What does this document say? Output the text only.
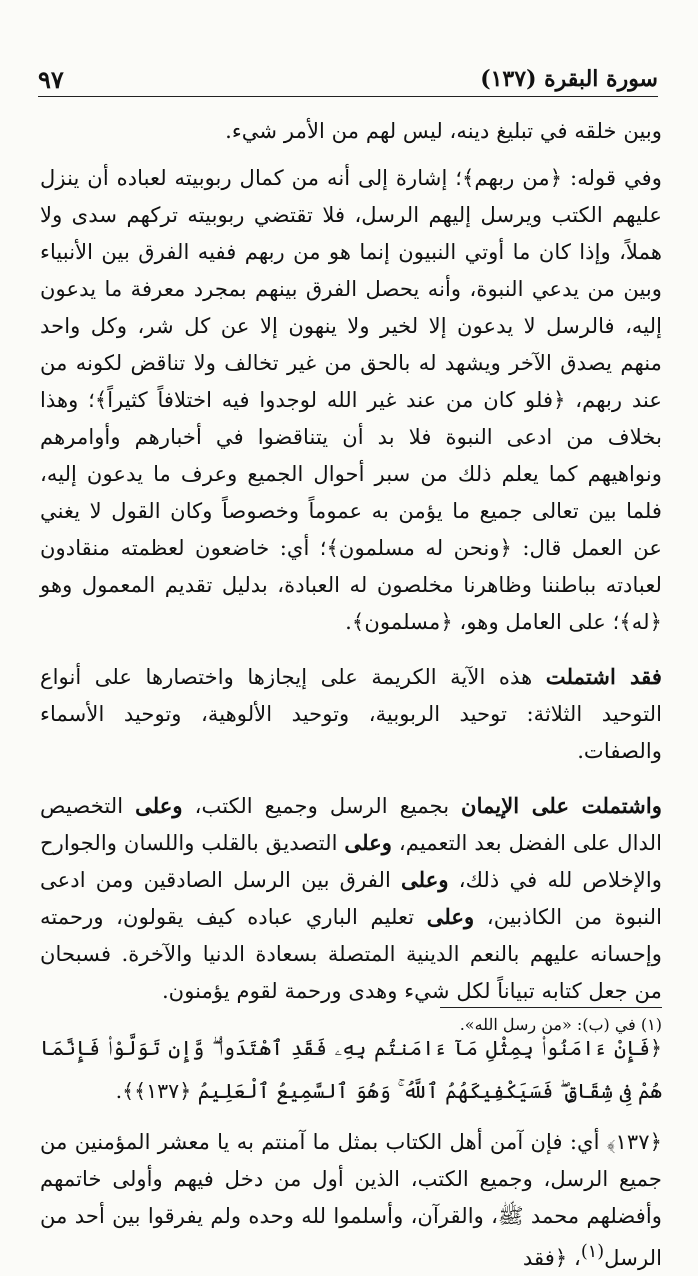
٩٧	سورة البقرة (١٣٧)

وبين خلقه في تبليغ دينه، ليس لهم من الأمر شيء.

وفي قوله: ﴿من ربهم﴾؛ إشارة إلى أنه من كمال ربوبيته لعباده أن ينزل عليهم الكتب ويرسل إليهم الرسل، فلا تقتضي ربوبيته تركهم سدى ولا هملاً، وإذا كان ما أوتي النبيون إنما هو من ربهم ففيه الفرق بين الأنبياء وبين من يدعي النبوة، وأنه يحصل الفرق بينهم بمجرد معرفة ما يدعون إليه، فالرسل لا يدعون إلا لخير ولا ينهون إلا عن كل شر، وكل واحد منهم يصدق الآخر ويشهد له بالحق من غير تخالف ولا تناقض لكونه من عند ربهم، ﴿فلو كان من عند غير الله لوجدوا فيه اختلافاً كثيراً﴾؛ وهذا بخلاف من ادعى النبوة فلا بد أن يتناقضوا في أخبارهم وأوامرهم ونواهيهم كما يعلم ذلك من سبر أحوال الجميع وعرف ما يدعون إليه، فلما بين تعالى جميع ما يؤمن به عموماً وخصوصاً وكان القول لا يغني عن العمل قال: ﴿ونحن له مسلمون﴾؛ أي: خاضعون لعظمته منقادون لعبادته بباطننا وظاهرنا مخلصون له العبادة، بدليل تقديم المعمول وهو ﴿له﴾؛ على العامل وهو، ﴿مسلمون﴾.

فقد اشتملت هذه الآية الكريمة على إيجازها واختصارها على أنواع التوحيد الثلاثة: توحيد الربوبية، وتوحيد الألوهية، وتوحيد الأسماء والصفات.

واشتملت على الإيمان بجميع الرسل وجميع الكتب، وعلى التخصيص الدال على الفضل بعد التعميم، وعلى التصديق بالقلب واللسان والجوارح والإخلاص لله في ذلك، وعلى الفرق بين الرسل الصادقين ومن ادعى النبوة من الكاذبين، وعلى تعليم الباري عباده كيف يقولون، ورحمته وإحسانه عليهم بالنعم الدينية المتصلة بسعادة الدنيا والآخرة. فسبحان من جعل كتابه تبياناً لكل شيء وهدى ورحمة لقوم يؤمنون.

﴿فَإِنْ ءَامَنُوا۟ بِمِثْلِ مَآ ءَامَنتُم بِهِۦ فَقَدِ ٱهْتَدَوا۟ ۖ وَّإِن تَوَلَّوْا۟ فَإِنَّمَا هُمْ فِى شِقَاقٍ ۖ فَسَيَكْفِيكَهُمُ ٱللَّهُ ۚ وَهُوَ ٱلسَّمِيعُ ٱلْعَلِيمُ ﴿١٣٧﴾﴾.

﴿١٣٧﴾ أي: فإن آمن أهل الكتاب بمثل ما آمنتم به يا معشر المؤمنين من جميع الرسل، وجميع الكتب، الذين أول من دخل فيهم وأولى خاتمهم وأفضلهم محمد ﷺ، والقرآن، وأسلموا لله وحده ولم يفرقوا بين أحد من الرسل$^{(١)}$، ﴿فقد

(١) في (ب): «من رسل الله».
